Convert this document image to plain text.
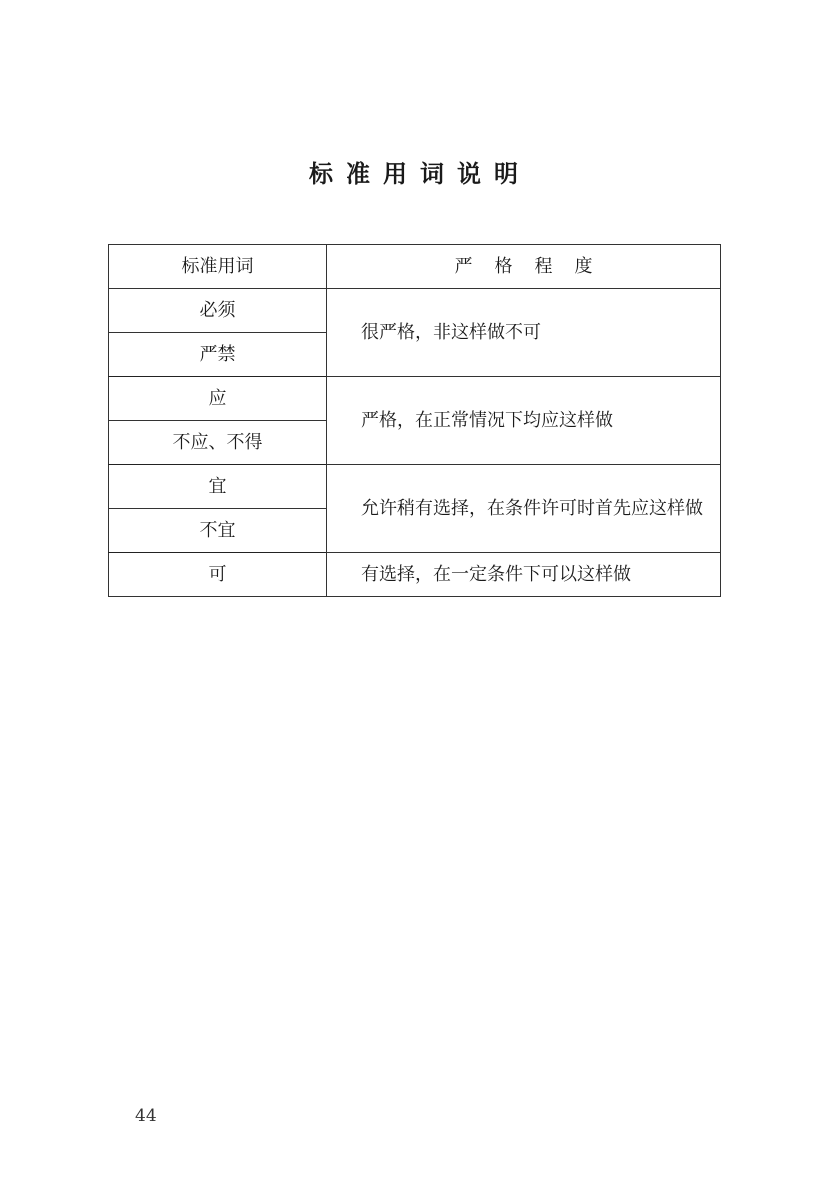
标准用词说明
标准用词	严格程度
必须	很严格，非这样做不可
严禁	
应	严格，在正常情况下均应这样做
不应、不得	
宜	允许稍有选择，在条件许可时首先应这样做
不宜	
可	有选择，在一定条件下可以这样做
44
